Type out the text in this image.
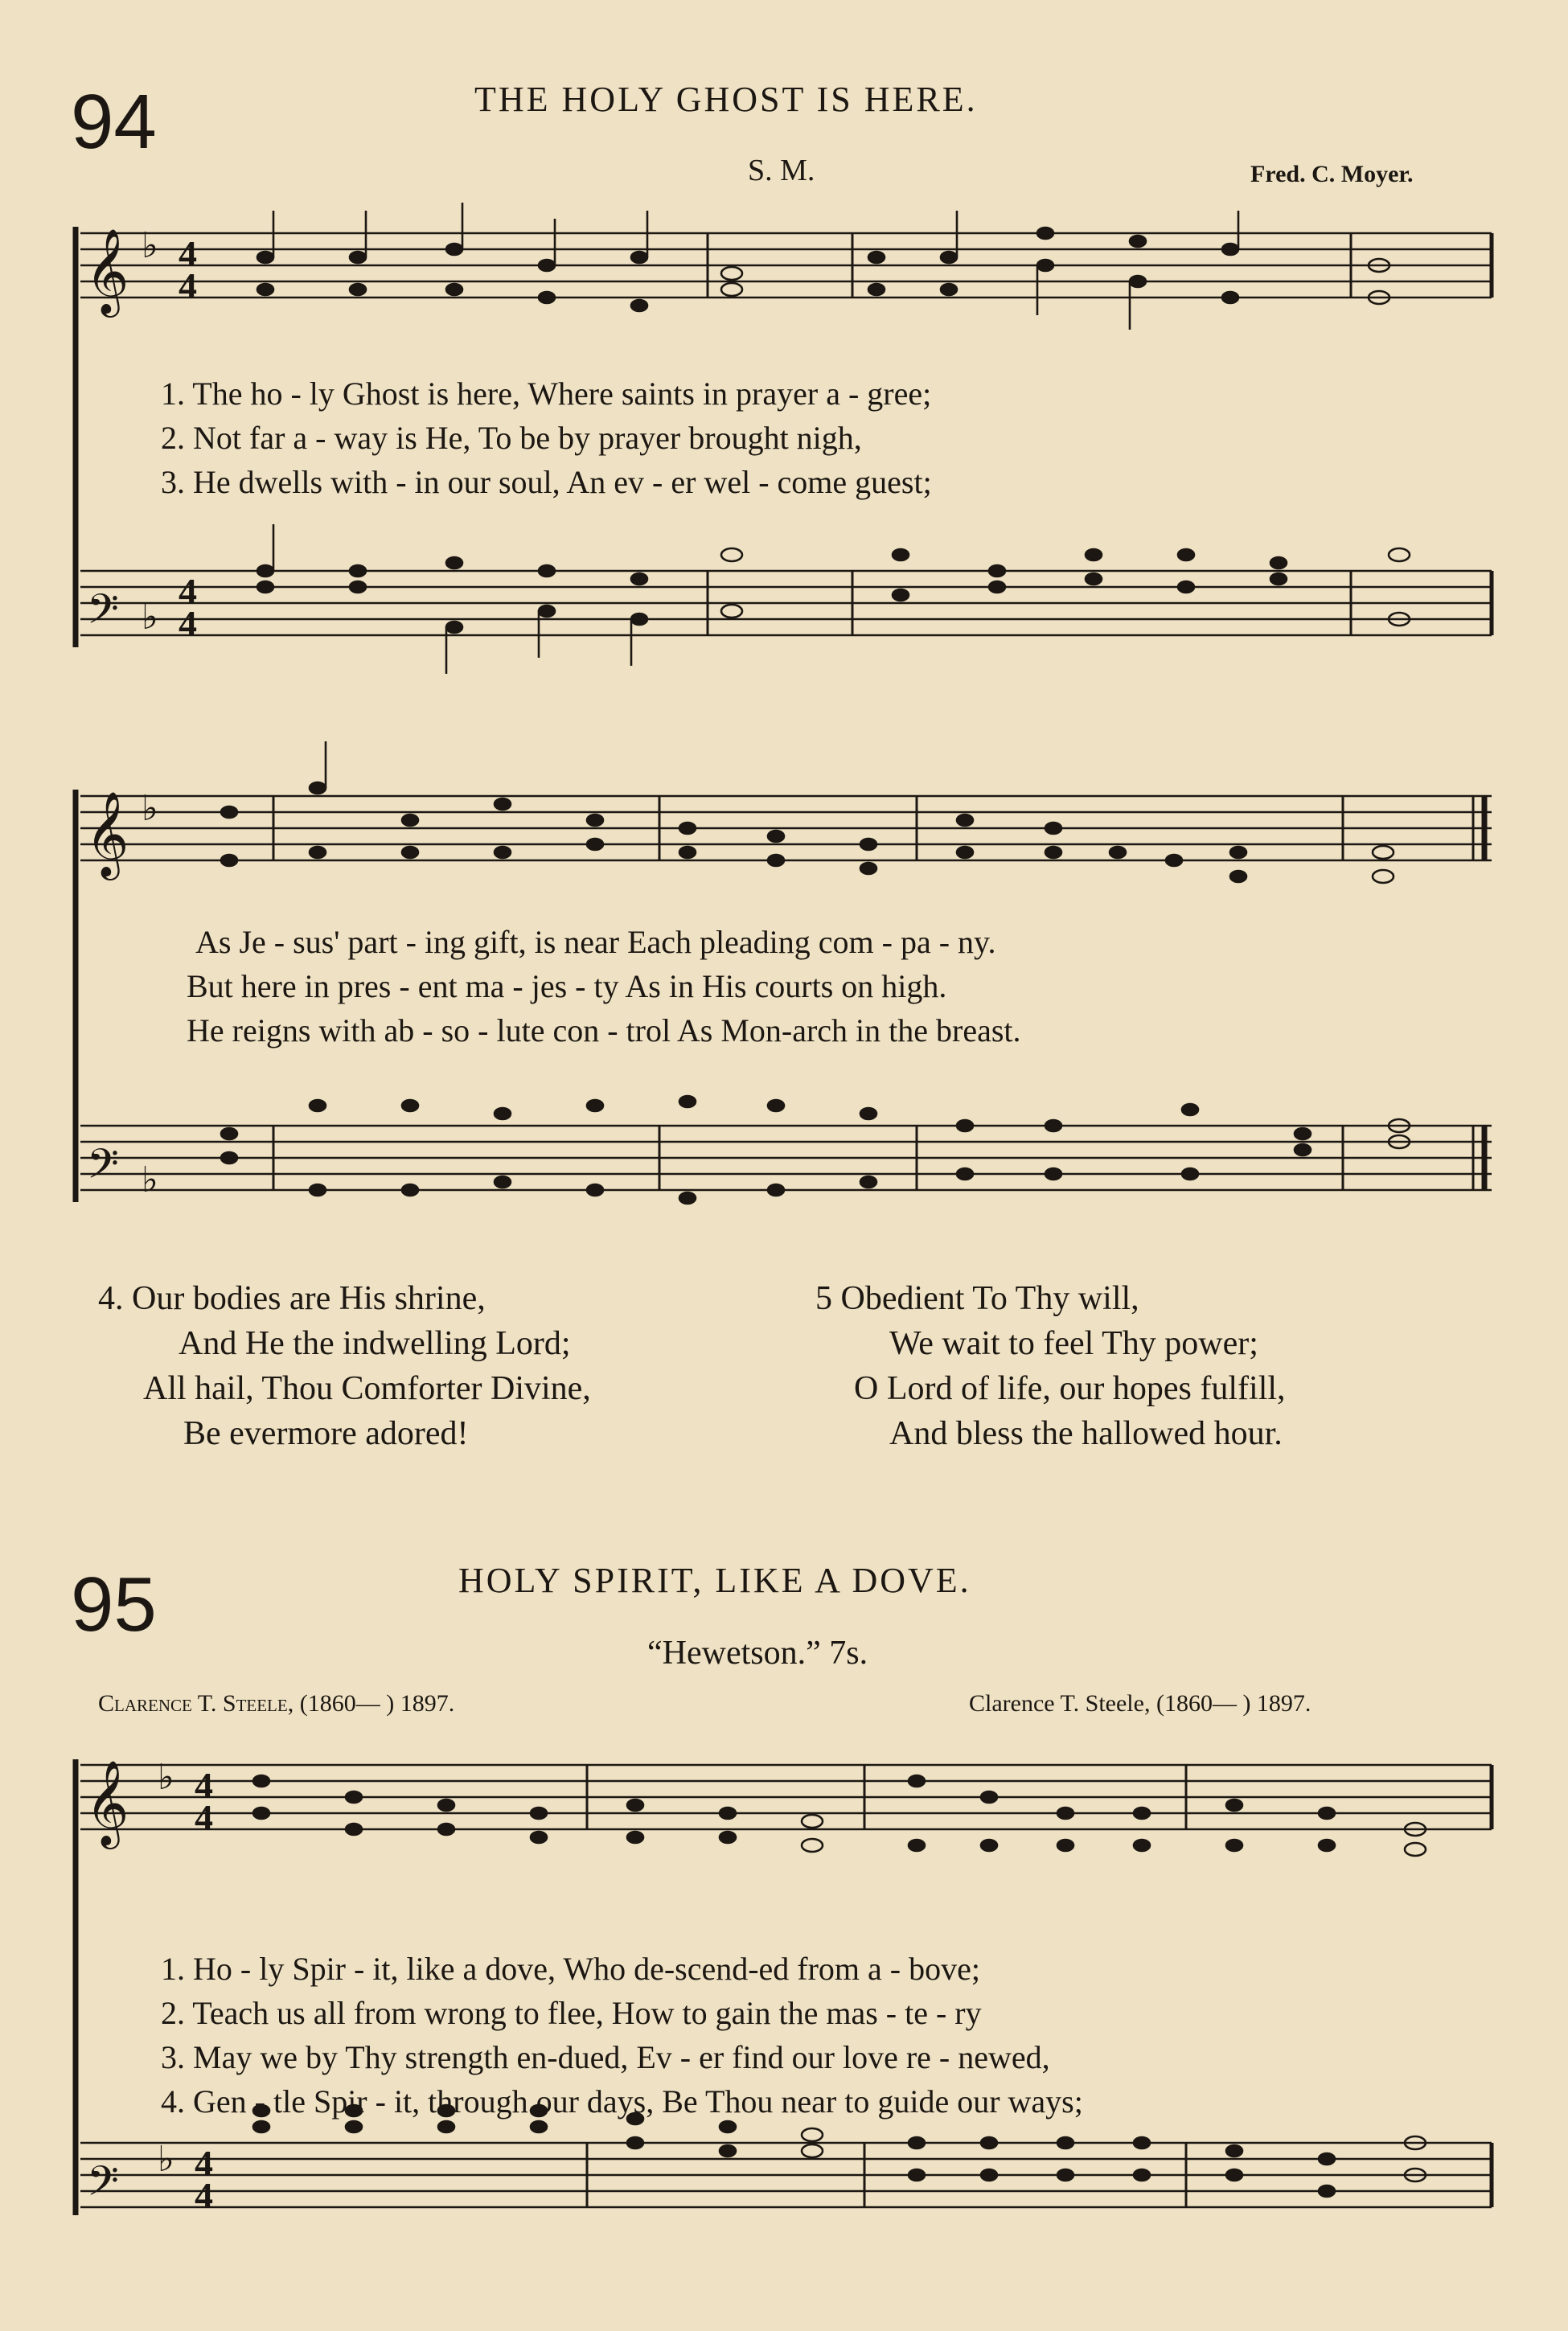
94	THE HOLY GHOST IS HERE.
S. M.	Fred. C. Moyer.
𝄞
𝄢
𝄞
𝄢
𝄞
𝄢
♭
♭
♭
♭
♭
♭
4
4
4
4
4
4
4
4
1. The ho - ly Ghost is here, Where saints in prayer a - gree;
2. Not far a - way is He, To be by prayer brought nigh,
3. He dwells with - in our soul, An ev - er wel - come guest;
As Je - sus' part - ing gift, is near Each pleading com - pa - ny.
But here in pres - ent ma - jes - ty As in His courts on high.
He reigns with ab - so - lute con - trol As Mon-arch in the breast.
4. Our bodies are His shrine,
And He the indwelling Lord;
All hail, Thou Comforter Divine,
Be evermore adored!
5 Obedient To Thy will,
We wait to feel Thy power;
O Lord of life, our hopes fulfill,
And bless the hallowed hour.
95	HOLY SPIRIT, LIKE A DOVE.
“Hewetson.” 7s.
Clarence T. Steele, (1860— ) 1897.	Clarence T. Steele, (1860— ) 1897.
1. Ho - ly Spir - it, like a dove, Who de-scend-ed from a - bove;
2. Teach us all from wrong to flee, How to gain the mas - te - ry
3. May we by Thy strength en-dued, Ev - er find our love re - newed,
4. Gen - tle Spir - it, through our days, Be Thou near to guide our ways;
